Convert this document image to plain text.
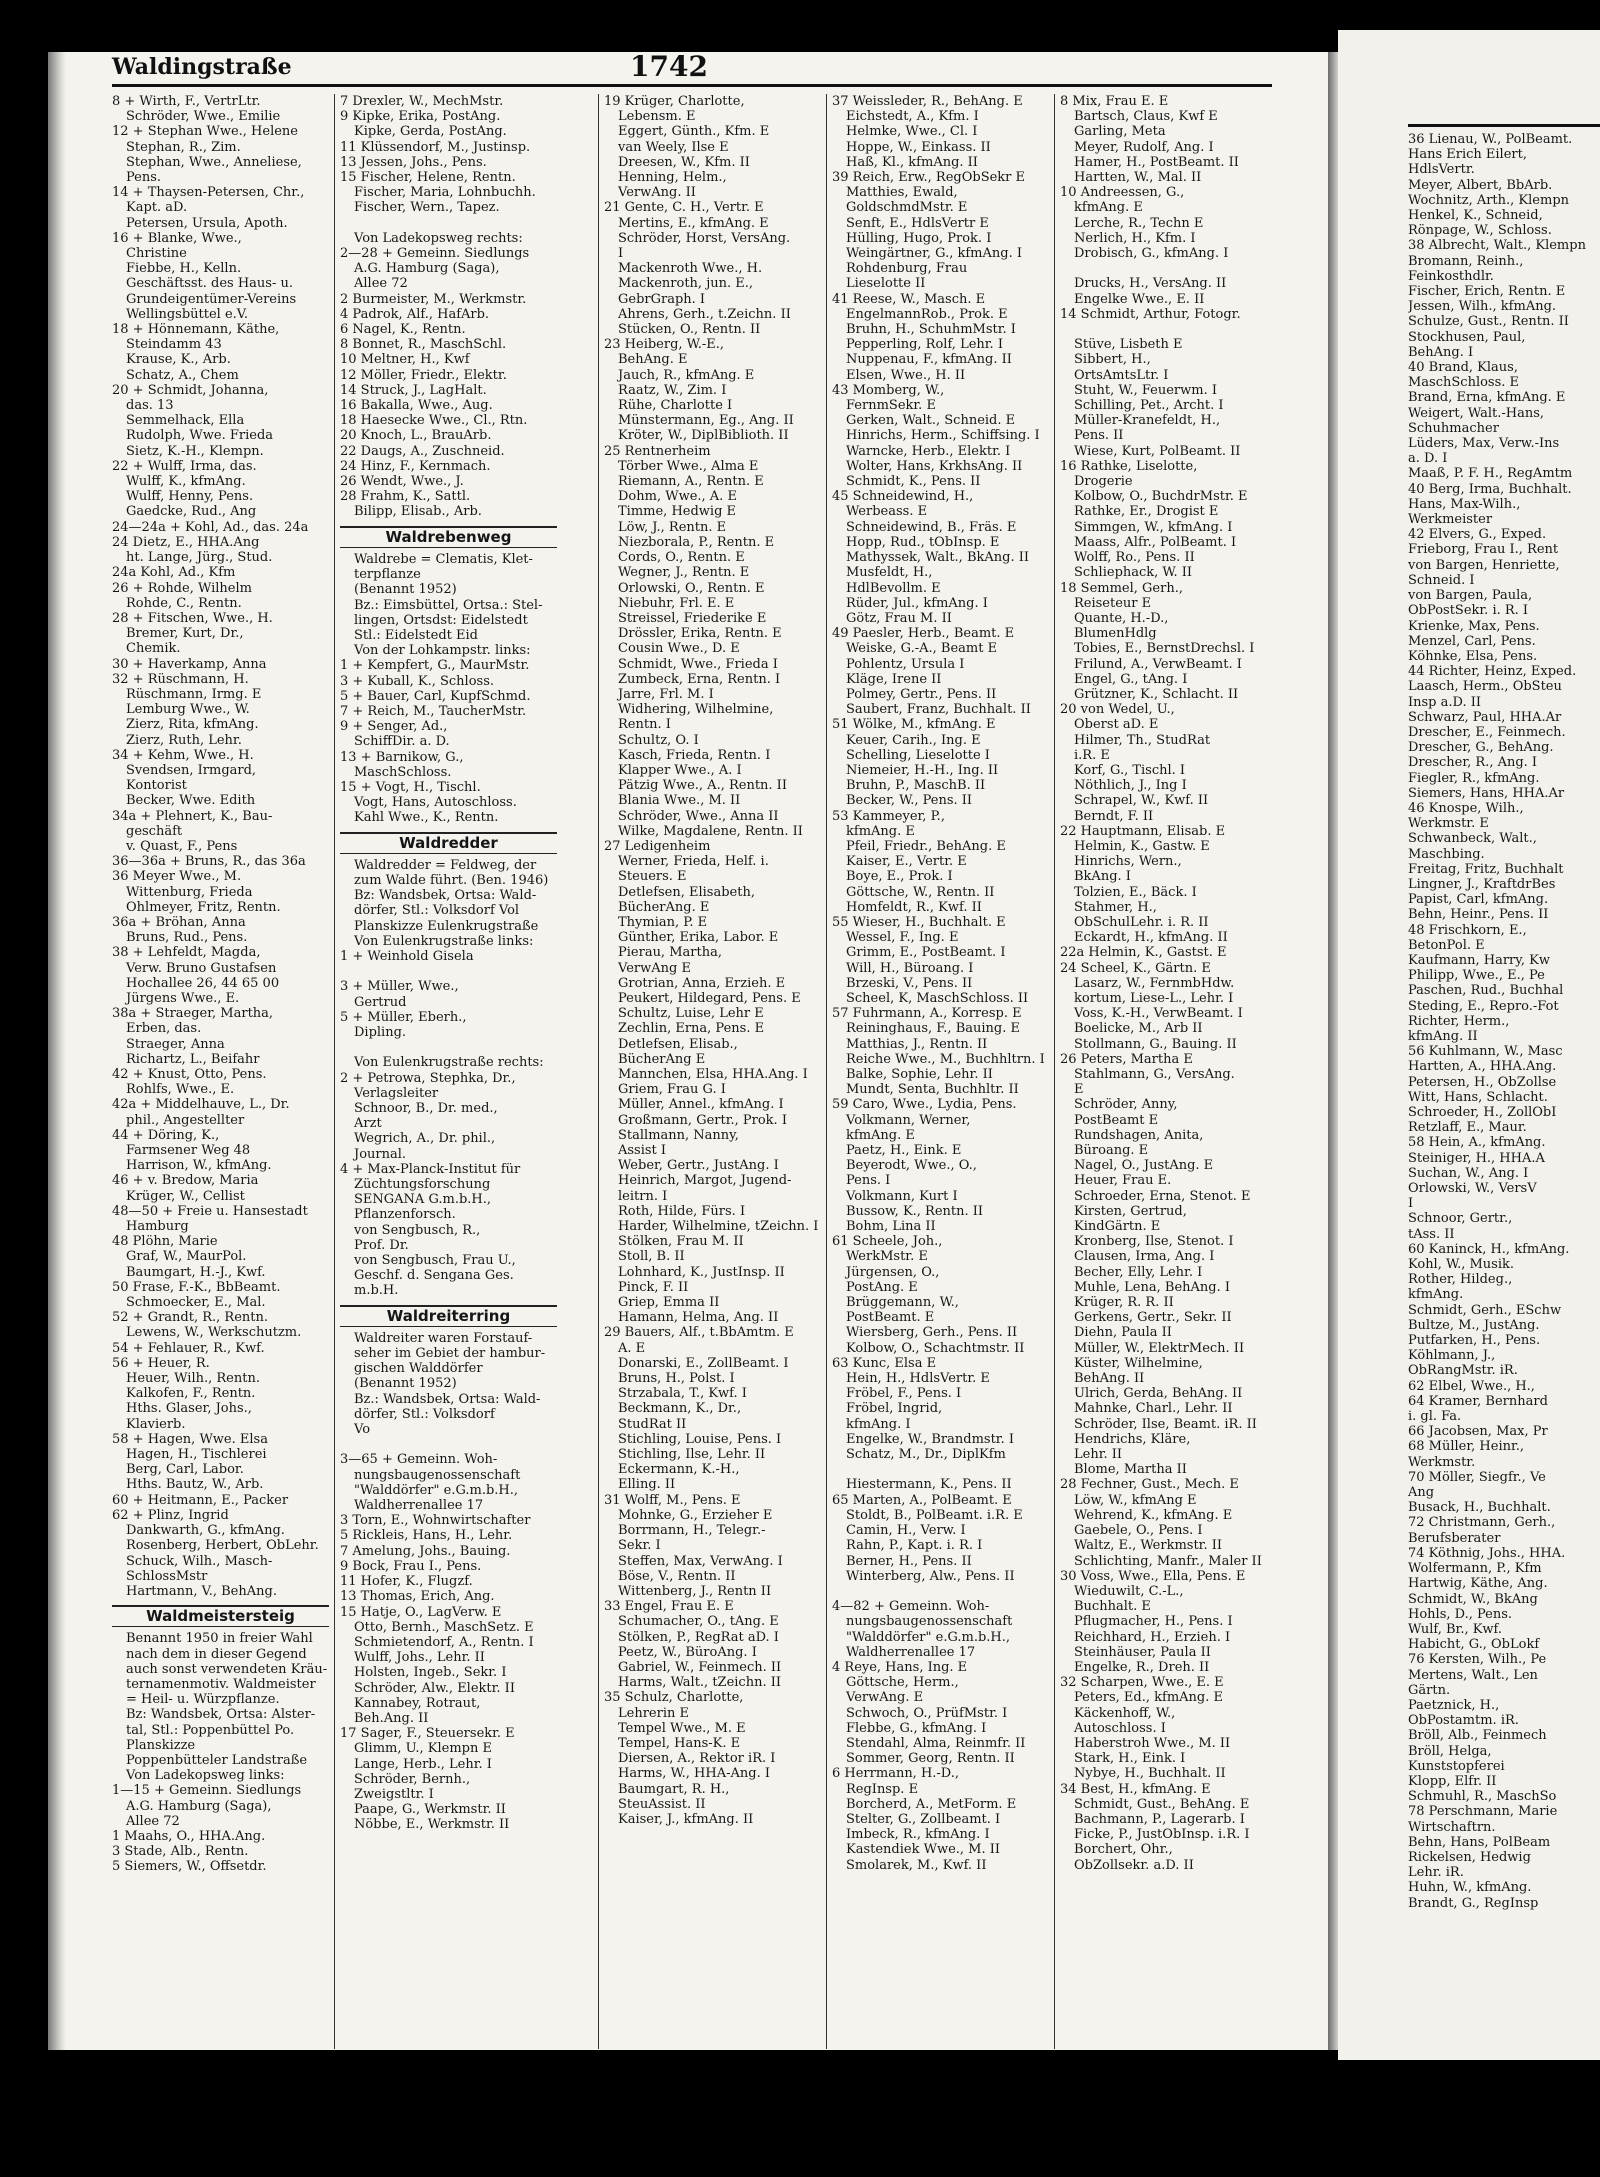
Waldingstraße	1742
8 + Wirth, F., VertrLtr.
Schröder, Wwe., Emilie
12 + Stephan Wwe., Helene
Stephan, R., Zim.
Stephan, Wwe., Anneliese,
Pens.
14 + Thaysen-Petersen, Chr.,
Kapt. aD.
Petersen, Ursula, Apoth.
16 + Blanke, Wwe.,
Christine
Fiebbe, H., Kelln.
Geschäftsst. des Haus- u.
Grundeigentümer-Vereins
Wellingsbüttel e.V.
18 + Hönnemann, Käthe,
Steindamm 43
Krause, K., Arb.
Schatz, A., Chem
20 + Schmidt, Johanna,
das. 13
Semmelhack, Ella
Rudolph, Wwe. Frieda
Sietz, K.-H., Klempn.
22 + Wulff, Irma, das.
Wulff, K., kfmAng.
Wulff, Henny, Pens.
Gaedcke, Rud., Ang
24—24a + Kohl, Ad., das. 24a
24 Dietz, E., HHA.Ang
ht. Lange, Jürg., Stud.
24a Kohl, Ad., Kfm
26 + Rohde, Wilhelm
Rohde, C., Rentn.
28 + Fitschen, Wwe., H.
Bremer, Kurt, Dr.,
Chemik.
30 + Haverkamp, Anna
32 + Rüschmann, H.
Rüschmann, Irmg. E
Lemburg Wwe., W.
Zierz, Rita, kfmAng.
Zierz, Ruth, Lehr.
34 + Kehm, Wwe., H.
Svendsen, Irmgard,
Kontorist
Becker, Wwe. Edith
34a + Plehnert, K., Bau-
geschäft
v. Quast, F., Pens
36—36a + Bruns, R., das 36a
36 Meyer Wwe., M.
Wittenburg, Frieda
Ohlmeyer, Fritz, Rentn.
36a + Bröhan, Anna
Bruns, Rud., Pens.
38 + Lehfeldt, Magda,
Verw. Bruno Gustafsen
Hochallee 26, 44 65 00
Jürgens Wwe., E.
38a + Straeger, Martha,
Erben, das.
Straeger, Anna
Richartz, L., Beifahr
42 + Knust, Otto, Pens.
Rohlfs, Wwe., E.
42a + Middelhauve, L., Dr.
phil., Angestellter
44 + Döring, K.,
Farmsener Weg 48
Harrison, W., kfmAng.
46 + v. Bredow, Maria
Krüger, W., Cellist
48—50 + Freie u. Hansestadt
Hamburg
48 Plöhn, Marie
Graf, W., MaurPol.
Baumgart, H.-J., Kwf.
50 Frase, F.-K., BbBeamt.
Schmoecker, E., Mal.
52 + Grandt, R., Rentn.
Lewens, W., Werkschutzm.
54 + Fehlauer, R., Kwf.
56 + Heuer, R.
Heuer, Wilh., Rentn.
Kalkofen, F., Rentn.
Hths. Glaser, Johs.,
Klavierb.
58 + Hagen, Wwe. Elsa
Hagen, H., Tischlerei
Berg, Carl, Labor.
Hths. Bautz, W., Arb.
60 + Heitmann, E., Packer
62 + Plinz, Ingrid
Dankwarth, G., kfmAng.
Rosenberg, Herbert, ObLehr.
Schuck, Wilh., Masch-
SchlossMstr
Hartmann, V., BehAng.
Waldmeistersteig
Benannt 1950 in freier Wahl
nach dem in dieser Gegend
auch sonst verwendeten Kräu-
ternamenmotiv. Waldmeister
= Heil- u. Würzpflanze.
Bz: Wandsbek, Ortsa: Alster-
tal, Stl.: Poppenbüttel Po.
Planskizze
Poppenbütteler Landstraße
Von Ladekopsweg links:
1—15 + Gemeinn. Siedlungs
A.G. Hamburg (Saga),
Allee 72
1 Maahs, O., HHA.Ang.
3 Stade, Alb., Rentn.
5 Siemers, W., Offsetdr.
7 Drexler, W., MechMstr.
9 Kipke, Erika, PostAng.
Kipke, Gerda, PostAng.
11 Klüssendorf, M., Justinsp.
13 Jessen, Johs., Pens.
15 Fischer, Helene, Rentn.
Fischer, Maria, Lohnbuchh.
Fischer, Wern., Tapez.

Von Ladekopsweg rechts:
2—28 + Gemeinn. Siedlungs
A.G. Hamburg (Saga),
Allee 72
2 Burmeister, M., Werkmstr.
4 Padrok, Alf., HafArb.
6 Nagel, K., Rentn.
8 Bonnet, R., MaschSchl.
10 Meltner, H., Kwf
12 Möller, Friedr., Elektr.
14 Struck, J., LagHalt.
16 Bakalla, Wwe., Aug.
18 Haesecke Wwe., Cl., Rtn.
20 Knoch, L., BrauArb.
22 Daugs, A., Zuschneid.
24 Hinz, F., Kernmach.
26 Wendt, Wwe., J.
28 Frahm, K., Sattl.
Bilipp, Elisab., Arb.
Waldrebenweg
Waldrebe = Clematis, Klet-
terpflanze
(Benannt 1952)
Bz.: Eimsbüttel, Ortsa.: Stel-
lingen, Ortsdst: Eidelstedt
Stl.: Eidelstedt Eid
Von der Lohkampstr. links:
1 + Kempfert, G., MaurMstr.
3 + Kuball, K., Schloss.
5 + Bauer, Carl, KupfSchmd.
7 + Reich, M., TaucherMstr.
9 + Senger, Ad.,
SchiffDir. a. D.
13 + Barnikow, G.,
MaschSchloss.
15 + Vogt, H., Tischl.
Vogt, Hans, Autoschloss.
Kahl Wwe., K., Rentn.
Waldredder
Waldredder = Feldweg, der
zum Walde führt. (Ben. 1946)
Bz: Wandsbek, Ortsa: Wald-
dörfer, Stl.: Volksdorf Vol
Planskizze Eulenkrugstraße
Von Eulenkrugstraße links:
1 + Weinhold Gisela

3 + Müller, Wwe.,
Gertrud
5 + Müller, Eberh.,
Dipling.

Von Eulenkrugstraße rechts:
2 + Petrowa, Stephka, Dr.,
Verlagsleiter
Schnoor, B., Dr. med.,
Arzt
Wegrich, A., Dr. phil.,
Journal.
4 + Max-Planck-Institut für
Züchtungsforschung
SENGANA G.m.b.H.,
Pflanzenforsch.
von Sengbusch, R.,
Prof. Dr.
von Sengbusch, Frau U.,
Geschf. d. Sengana Ges.
m.b.H.
Waldreiterring
Waldreiter waren Forstauf-
seher im Gebiet der hambur-
gischen Walddörfer
(Benannt 1952)
Bz.: Wandsbek, Ortsa: Wald-
dörfer, Stl.: Volksdorf
Vo

3—65 + Gemeinn. Woh-
nungsbaugenossenschaft
"Walddörfer" e.G.m.b.H.,
Waldherrenallee 17
3 Torn, E., Wohnwirtschafter
5 Rickleis, Hans, H., Lehr.
7 Amelung, Johs., Bauing.
9 Bock, Frau I., Pens.
11 Hofer, K., Flugzf.
13 Thomas, Erich, Ang.
15 Hatje, O., LagVerw. E
Otto, Bernh., MaschSetz. E
Schmietendorf, A., Rentn. I
Wulff, Johs., Lehr. II
Holsten, Ingeb., Sekr. I
Schröder, Alw., Elektr. II
Kannabey, Rotraut,
Beh.Ang. II
17 Sager, F., Steuersekr. E
Glimm, U., Klempn E
Lange, Herb., Lehr. I
Schröder, Bernh.,
Zweigstltr. I
Paape, G., Werkmstr. II
Nöbbe, E., Werkmstr. II
19 Krüger, Charlotte,
Lebensm. E
Eggert, Günth., Kfm. E
van Weely, Ilse E
Dreesen, W., Kfm. II
Henning, Helm.,
VerwAng. II
21 Gente, C. H., Vertr. E
Mertins, E., kfmAng. E
Schröder, Horst, VersAng.
I
Mackenroth Wwe., H.
Mackenroth, jun. E.,
GebrGraph. I
Ahrens, Gerh., t.Zeichn. II
Stücken, O., Rentn. II
23 Heiberg, W.-E.,
BehAng. E
Jauch, R., kfmAng. E
Raatz, W., Zim. I
Rühe, Charlotte I
Münstermann, Eg., Ang. II
Kröter, W., DiplBiblioth. II
25 Rentnerheim
Törber Wwe., Alma E
Riemann, A., Rentn. E
Dohm, Wwe., A. E
Timme, Hedwig E
Löw, J., Rentn. E
Niezborala, P., Rentn. E
Cords, O., Rentn. E
Wegner, J., Rentn. E
Orlowski, O., Rentn. E
Niebuhr, Frl. E. E
Streissel, Friederike E
Drössler, Erika, Rentn. E
Cousin Wwe., D. E
Schmidt, Wwe., Frieda I
Zumbeck, Erna, Rentn. I
Jarre, Frl. M. I
Widhering, Wilhelmine,
Rentn. I
Schultz, O. I
Kasch, Frieda, Rentn. I
Klapper Wwe., A. I
Pätzig Wwe., A., Rentn. II
Blania Wwe., M. II
Schröder, Wwe., Anna II
Wilke, Magdalene, Rentn. II
27 Ledigenheim
Werner, Frieda, Helf. i.
Steuers. E
Detlefsen, Elisabeth,
BücherAng. E
Thymian, P. E
Günther, Erika, Labor. E
Pierau, Martha,
VerwAng E
Grotrian, Anna, Erzieh. E
Peukert, Hildegard, Pens. E
Schultz, Luise, Lehr E
Zechlin, Erna, Pens. E
Detlefsen, Elisab.,
BücherAng E
Mannchen, Elsa, HHA.Ang. I
Griem, Frau G. I
Müller, Annel., kfmAng. I
Großmann, Gertr., Prok. I
Stallmann, Nanny,
Assist I
Weber, Gertr., JustAng. I
Heinrich, Margot, Jugend-
leitrn. I
Roth, Hilde, Fürs. I
Harder, Wilhelmine, tZeichn. I
Stölken, Frau M. II
Stoll, B. II
Lohnhard, K., JustInsp. II
Pinck, F. II
Griep, Emma II
Hamann, Helma, Ang. II
29 Bauers, Alf., t.BbAmtm. E
A. E
Donarski, E., ZollBeamt. I
Bruns, H., Polst. I
Strzabala, T., Kwf. I
Beckmann, K., Dr.,
StudRat II
Stichling, Louise, Pens. I
Stichling, Ilse, Lehr. II
Eckermann, K.-H.,
Elling. II
31 Wolff, M., Pens. E
Mohnke, G., Erzieher E
Borrmann, H., Telegr.-
Sekr. I
Steffen, Max, VerwAng. I
Böse, V., Rentn. II
Wittenberg, J., Rentn II
33 Engel, Frau E. E
Schumacher, O., tAng. E
Stölken, P., RegRat aD. I
Peetz, W., BüroAng. I
Gabriel, W., Feinmech. II
Harms, Walt., tZeichn. II
35 Schulz, Charlotte,
Lehrerin E
Tempel Wwe., M. E
Tempel, Hans-K. E
Diersen, A., Rektor iR. I
Harms, W., HHA-Ang. I
Baumgart, R. H.,
SteuAssist. II
Kaiser, J., kfmAng. II
37 Weissleder, R., BehAng. E
Eichstedt, A., Kfm. I
Helmke, Wwe., Cl. I
Hoppe, W., Einkass. II
Haß, Kl., kfmAng. II
39 Reich, Erw., RegObSekr E
Matthies, Ewald,
GoldschmdMstr. E
Senft, E., HdlsVertr E
Hülling, Hugo, Prok. I
Weingärtner, G., kfmAng. I
Rohdenburg, Frau
Lieselotte II
41 Reese, W., Masch. E
EngelmannRob., Prok. E
Bruhn, H., SchuhmMstr. I
Pepperling, Rolf, Lehr. I
Nuppenau, F., kfmAng. II
Elsen, Wwe., H. II
43 Momberg, W.,
FernmSekr. E
Gerken, Walt., Schneid. E
Hinrichs, Herm., Schiffsing. I
Warncke, Herb., Elektr. I
Wolter, Hans, KrkhsAng. II
Schmidt, K., Pens. II
45 Schneidewind, H.,
Werbeass. E
Schneidewind, B., Fräs. E
Hopp, Rud., tObInsp. E
Mathyssek, Walt., BkAng. II
Musfeldt, H.,
HdlBevollm. E
Rüder, Jul., kfmAng. I
Götz, Frau M. II
49 Paesler, Herb., Beamt. E
Weiske, G.-A., Beamt E
Pohlentz, Ursula I
Kläge, Irene II
Polmey, Gertr., Pens. II
Saubert, Franz, Buchhalt. II
51 Wölke, M., kfmAng. E
Keuer, Carih., Ing. E
Schelling, Lieselotte I
Niemeier, H.-H., Ing. II
Bruhn, P., MaschB. II
Becker, W., Pens. II
53 Kammeyer, P.,
kfmAng. E
Pfeil, Friedr., BehAng. E
Kaiser, E., Vertr. E
Boye, E., Prok. I
Göttsche, W., Rentn. II
Homfeldt, R., Kwf. II
55 Wieser, H., Buchhalt. E
Wessel, F., Ing. E
Grimm, E., PostBeamt. I
Will, H., Büroang. I
Brzeski, V., Pens. II
Scheel, K, MaschSchloss. II
57 Fuhrmann, A., Korresp. E
Reininghaus, F., Bauing. E
Matthias, J., Rentn. II
Reiche Wwe., M., Buchhltrn. I
Balke, Sophie, Lehr. II
Mundt, Senta, Buchhltr. II
59 Caro, Wwe., Lydia, Pens.
Volkmann, Werner,
kfmAng. E
Paetz, H., Eink. E
Beyerodt, Wwe., O.,
Pens. I
Volkmann, Kurt I
Bussow, K., Rentn. II
Bohm, Lina II
61 Scheele, Joh.,
WerkMstr. E
Jürgensen, O.,
PostAng. E
Brüggemann, W.,
PostBeamt. E
Wiersberg, Gerh., Pens. II
Kolbow, O., Schachtmstr. II
63 Kunc, Elsa E
Hein, H., HdlsVertr. E
Fröbel, F., Pens. I
Fröbel, Ingrid,
kfmAng. I
Engelke, W., Brandmstr. I
Schatz, M., Dr., DiplKfm

Hiestermann, K., Pens. II
65 Marten, A., PolBeamt. E
Stoldt, B., PolBeamt. i.R. E
Camin, H., Verw. I
Rahn, P., Kapt. i. R. I
Berner, H., Pens. II
Winterberg, Alw., Pens. II

4—82 + Gemeinn. Woh-
nungsbaugenossenschaft
"Walddörfer" e.G.m.b.H.,
Waldherrenallee 17
4 Reye, Hans, Ing. E
Göttsche, Herm.,
VerwAng. E
Schwoch, O., PrüfMstr. I
Flebbe, G., kfmAng. I
Stendahl, Alma, Reinmfr. II
Sommer, Georg, Rentn. II
6 Herrmann, H.-D.,
RegInsp. E
Borcherd, A., MetForm. E
Stelter, G., Zollbeamt. I
Imbeck, R., kfmAng. I
Kastendiek Wwe., M. II
Smolarek, M., Kwf. II
8 Mix, Frau E. E
Bartsch, Claus, Kwf E
Garling, Meta
Meyer, Rudolf, Ang. I
Hamer, H., PostBeamt. II
Hartten, W., Mal. II
10 Andreessen, G.,
kfmAng. E
Lerche, R., Techn E
Nerlich, H., Kfm. I
Drobisch, G., kfmAng. I

Drucks, H., VersAng. II
Engelke Wwe., E. II
14 Schmidt, Arthur, Fotogr.

Stüve, Lisbeth E
Sibbert, H.,
OrtsAmtsLtr. I
Stuht, W., Feuerwm. I
Schilling, Pet., Archt. I
Müller-Kranefeldt, H.,
Pens. II
Wiese, Kurt, PolBeamt. II
16 Rathke, Liselotte,
Drogerie
Kolbow, O., BuchdrMstr. E
Rathke, Er., Drogist E
Simmgen, W., kfmAng. I
Maass, Alfr., PolBeamt. I
Wolff, Ro., Pens. II
Schliephack, W. II
18 Semmel, Gerh.,
Reiseteur E
Quante, H.-D.,
BlumenHdlg
Tobies, E., BernstDrechsl. I
Frilund, A., VerwBeamt. I
Engel, G., tAng. I
Grützner, K., Schlacht. II
20 von Wedel, U.,
Oberst aD. E
Hilmer, Th., StudRat
i.R. E
Korf, G., Tischl. I
Nöthlich, J., Ing I
Schrapel, W., Kwf. II
Berndt, F. II
22 Hauptmann, Elisab. E
Helmin, K., Gastw. E
Hinrichs, Wern.,
BkAng. I
Tolzien, E., Bäck. I
Stahmer, H.,
ObSchulLehr. i. R. II
Eckardt, H., kfmAng. II
22a Helmin, K., Gastst. E
24 Scheel, K., Gärtn. E
Lasarz, W., FernmbHdw.
kortum, Liese-L., Lehr. I
Voss, K.-H., VerwBeamt. I
Boelicke, M., Arb II
Stollmann, G., Bauing. II
26 Peters, Martha E
Stahlmann, G., VersAng.
E
Schröder, Anny,
PostBeamt E
Rundshagen, Anita,
Büroang. E
Nagel, O., JustAng. E
Heuer, Frau E.
Schroeder, Erna, Stenot. E
Kirsten, Gertrud,
KindGärtn. E
Kronberg, Ilse, Stenot. I
Clausen, Irma, Ang. I
Becher, Elly, Lehr. I
Muhle, Lena, BehAng. I
Krüger, R. R. II
Gerkens, Gertr., Sekr. II
Diehn, Paula II
Müller, W., ElektrMech. II
Küster, Wilhelmine,
BehAng. II
Ulrich, Gerda, BehAng. II
Mahnke, Charl., Lehr. II
Schröder, Ilse, Beamt. iR. II
Hendrichs, Kläre,
Lehr. II
Blome, Martha II
28 Fechner, Gust., Mech. E
Löw, W., kfmAng E
Wehrend, K., kfmAng. E
Gaebele, O., Pens. I
Waltz, E., Werkmstr. II
Schlichting, Manfr., Maler II
30 Voss, Wwe., Ella, Pens. E
Wieduwilt, C.-L.,
Buchhalt. E
Pflugmacher, H., Pens. I
Reichhard, H., Erzieh. I
Steinhäuser, Paula II
Engelke, R., Dreh. II
32 Scharpen, Wwe., E. E
Peters, Ed., kfmAng. E
Käckenhoff, W.,
Autoschloss. I
Haberstroh Wwe., M. II
Stark, H., Eink. I
Nybye, H., Buchhalt. II
34 Best, H., kfmAng. E
Schmidt, Gust., BehAng. E
Bachmann, P., Lagerarb. I
Ficke, P., JustObInsp. i.R. I
Borchert, Ohr.,
ObZollsekr. a.D. II
36 Lienau, W., PolBeamt.
Hans Erich Eilert,
HdlsVertr.
Meyer, Albert, BbArb.
Wochnitz, Arth., Klempn
Henkel, K., Schneid,
Rönpage, W., Schloss.
38 Albrecht, Walt., Klempn
Bromann, Reinh.,
Feinkosthdlr.
Fischer, Erich, Rentn. E
Jessen, Wilh., kfmAng.
Schulze, Gust., Rentn. II
Stockhusen, Paul,
BehAng. I
40 Brand, Klaus,
MaschSchloss. E
Brand, Erna, kfmAng. E
Weigert, Walt.-Hans,
Schuhmacher
Lüders, Max, Verw.-Ins
a. D. I
Maaß, P. F. H., RegAmtm
40 Berg, Irma, Buchhalt.
Hans, Max-Wilh.,
Werkmeister
42 Elvers, G., Exped.
Frieborg, Frau I., Rent
von Bargen, Henriette,
Schneid. I
von Bargen, Paula,
ObPostSekr. i. R. I
Krienke, Max, Pens.
Menzel, Carl, Pens.
Köhnke, Elsa, Pens.
44 Richter, Heinz, Exped.
Laasch, Herm., ObSteu
Insp a.D. II
Schwarz, Paul, HHA.Ar
Drescher, E., Feinmech.
Drescher, G., BehAng.
Drescher, R., Ang. I
Fiegler, R., kfmAng.
Siemers, Hans, HHA.Ar
46 Knospe, Wilh.,
Werkmstr. E
Schwanbeck, Walt.,
Maschbing.
Freitag, Fritz, Buchhalt
Lingner, J., KraftdrBes
Papist, Carl, kfmAng.
Behn, Heinr., Pens. II
48 Frischkorn, E.,
BetonPol. E
Kaufmann, Harry, Kw
Philipp, Wwe., E., Pe
Paschen, Rud., Buchhal
Steding, E., Repro.-Fot
Richter, Herm.,
kfmAng. II
56 Kuhlmann, W., Masc
Hartten, A., HHA.Ang.
Petersen, H., ObZollse
Witt, Hans, Schlacht.
Schroeder, H., ZollObI
Retzlaff, E., Maur.
58 Hein, A., kfmAng.
Steiniger, H., HHA.A
Suchan, W., Ang. I
Orlowski, W., VersV
I
Schnoor, Gertr.,
tAss. II
60 Kaninck, H., kfmAng.
Kohl, W., Musik.
Rother, Hildeg.,
kfmAng.
Schmidt, Gerh., ESchw
Bultze, M., JustAng.
Putfarken, H., Pens.
Köhlmann, J.,
ObRangMstr. iR.
62 Elbel, Wwe., H.,
64 Kramer, Bernhard
i. gl. Fa.
66 Jacobsen, Max, Pr
68 Müller, Heinr.,
Werkmstr.
70 Möller, Siegfr., Ve
Ang
Busack, H., Buchhalt.
72 Christmann, Gerh.,
Berufsberater
74 Köthnig, Johs., HHA.
Wolfermann, P., Kfm
Hartwig, Käthe, Ang.
Schmidt, W., BkAng
Hohls, D., Pens.
Wulf, Br., Kwf.
Habicht, G., ObLokf
76 Kersten, Wilh., Pe
Mertens, Walt., Len
Gärtn.
Paetznick, H.,
ObPostamtm. iR.
Bröll, Alb., Feinmech
Bröll, Helga,
Kunststopferei
Klopp, Elfr. II
Schmuhl, R., MaschSo
78 Perschmann, Marie
Wirtschaftrn.
Behn, Hans, PolBeam
Rickelsen, Hedwig
Lehr. iR.
Huhn, W., kfmAng.
Brandt, G., RegInsp
